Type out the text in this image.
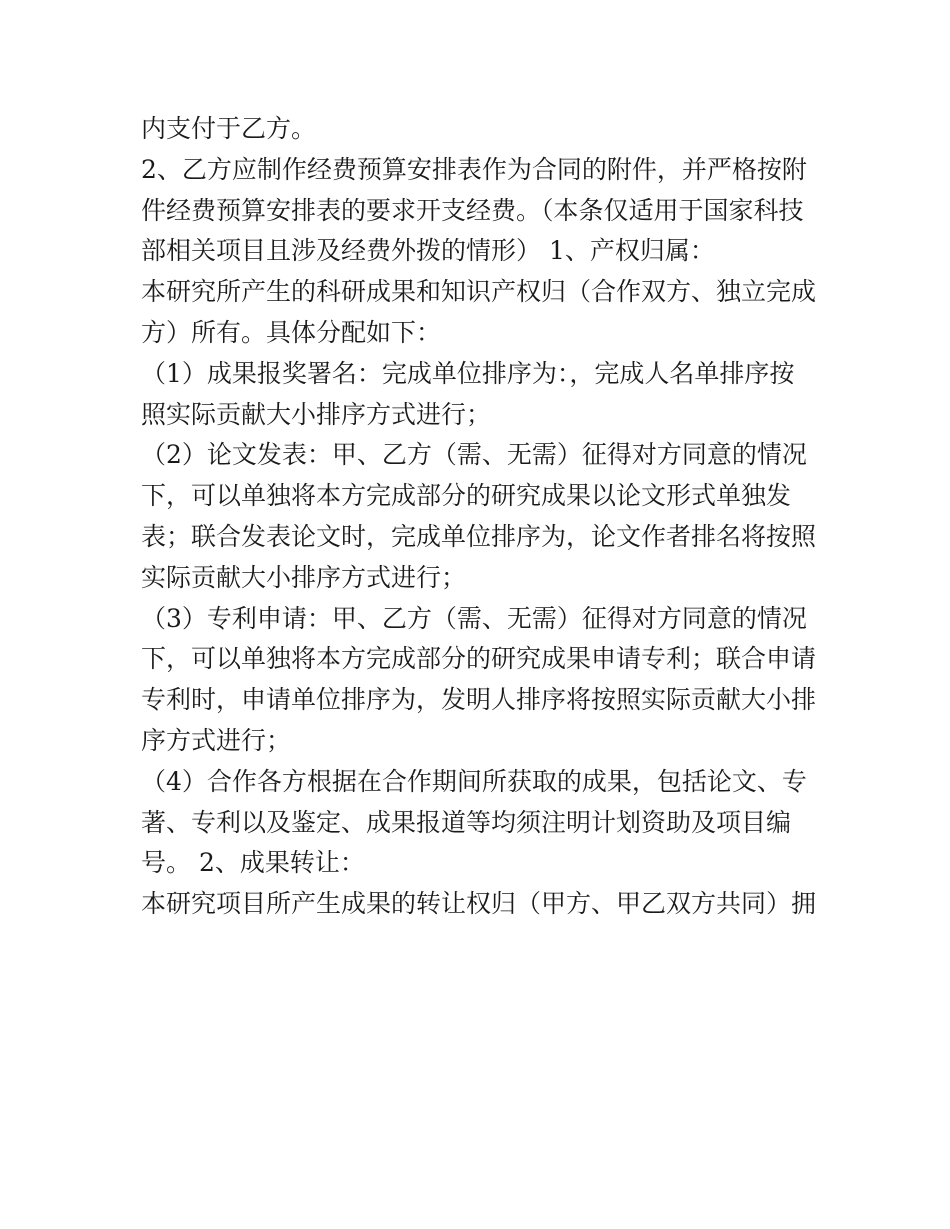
内支付于乙方。

2、乙方应制作经费预算安排表作为合同的附件，并严格按附

件经费预算安排表的要求开支经费。（本条仅适用于国家科技

部相关项目且涉及经费外拨的情形） 1、产权归属：

本研究所产生的科研成果和知识产权归（合作双方、独立完成

方）所有。具体分配如下：

（1）成果报奖署名：完成单位排序为：，完成人名单排序按

照实际贡献大小排序方式进行；

（2）论文发表：甲、乙方（需、无需）征得对方同意的情况

下，可以单独将本方完成部分的研究成果以论文形式单独发

表；联合发表论文时，完成单位排序为，论文作者排名将按照

实际贡献大小排序方式进行；

（3）专利申请：甲、乙方（需、无需）征得对方同意的情况

下，可以单独将本方完成部分的研究成果申请专利；联合申请

专利时，申请单位排序为，发明人排序将按照实际贡献大小排

序方式进行；

（4）合作各方根据在合作期间所获取的成果，包括论文、专

著、专利以及鉴定、成果报道等均须注明计划资助及项目编

号。 2、成果转让：

本研究项目所产生成果的转让权归（甲方、甲乙双方共同）拥
